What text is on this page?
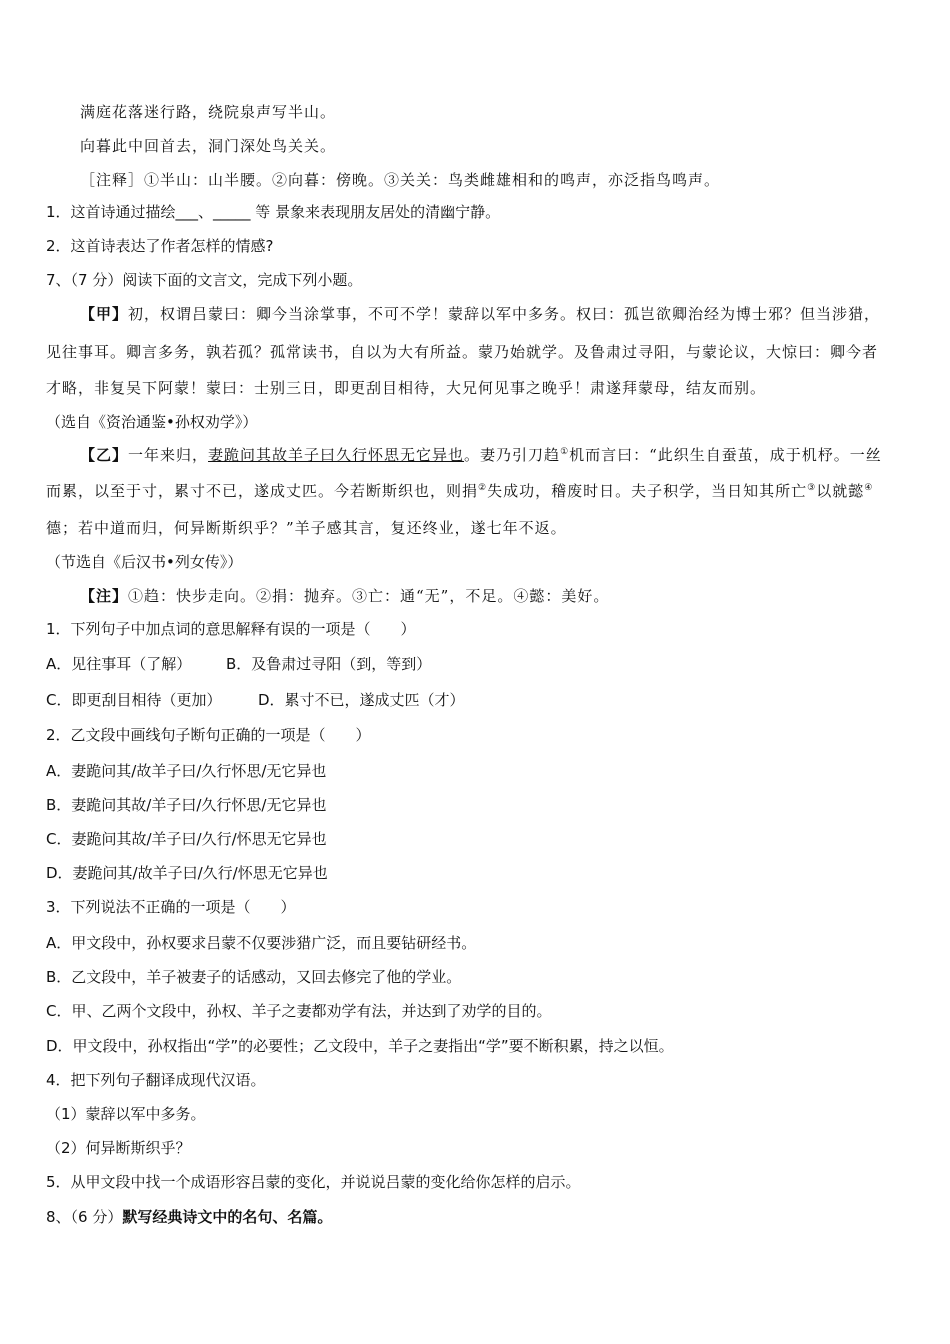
满庭花落迷行路，绕院泉声写半山。
向暮此中回首去，洞门深处鸟关关。
［注释］①半山：山半腰。②向暮：傍晚。③关关：鸟类雌雄相和的鸣声，亦泛指鸟鸣声。
1．这首诗通过描绘___、_____ 等 景象来表现朋友居处的清幽宁静。
2．这首诗表达了作者怎样的情感?
7、（7 分）阅读下面的文言文，完成下列小题。
【甲】初，权谓吕蒙曰：卿今当涂掌事，不可不学！蒙辞以军中多务。权曰：孤岂欲卿治经为博士邪？但当涉猎，
见往事耳。卿言多务，孰若孤？孤常读书，自以为大有所益。蒙乃始就学。及鲁肃过寻阳，与蒙论议，大惊曰：卿今者
才略，非复吴下阿蒙！蒙曰：士别三日，即更刮目相待，大兄何见事之晚乎！肃遂拜蒙母，结友而别。
（选自《资治通鉴•孙权劝学》）
【乙】一年来归，妻跪问其故羊子曰久行怀思无它异也。妻乃引刀趋①机而言曰：“此织生自蚕茧，成于机杼。一丝
而累，以至于寸，累寸不已，遂成丈匹。今若断斯织也，则捐②失成功，稽废时日。夫子积学，当日知其所亡③以就懿④
德；若中道而归，何异断斯织乎？”羊子感其言，复还终业，遂七年不返。
（节选自《后汉书•列女传》）
【注】①趋：快步走向。②捐：抛弃。③亡：通“无”，不足。④懿：美好。
1．下列句子中加点词的意思解释有误的一项是（　　）
A．见往事耳（了解） B．及鲁肃过寻阳（到，等到）
C．即更刮目相待（更加） D．累寸不已，遂成丈匹（才）
2．乙文段中画线句子断句正确的一项是（　　）
A．妻跪问其/故羊子曰/久行怀思/无它异也
B．妻跪问其故/羊子曰/久行怀思/无它异也
C．妻跪问其故/羊子曰/久行/怀思无它异也
D．妻跪问其/故羊子曰/久行/怀思无它异也
3．下列说法不正确的一项是（　　）
A．甲文段中，孙权要求吕蒙不仅要涉猎广泛，而且要钻研经书。
B．乙文段中，羊子被妻子的话感动，又回去修完了他的学业。
C．甲、乙两个文段中，孙权、羊子之妻都劝学有法，并达到了劝学的目的。
D．甲文段中，孙权指出“学”的必要性；乙文段中，羊子之妻指出“学”要不断积累，持之以恒。
4．把下列句子翻译成现代汉语。
（1）蒙辞以军中多务。
（2）何异断斯织乎？
5．从甲文段中找一个成语形容吕蒙的变化，并说说吕蒙的变化给你怎样的启示。
8、（6 分）默写经典诗文中的名句、名篇。
